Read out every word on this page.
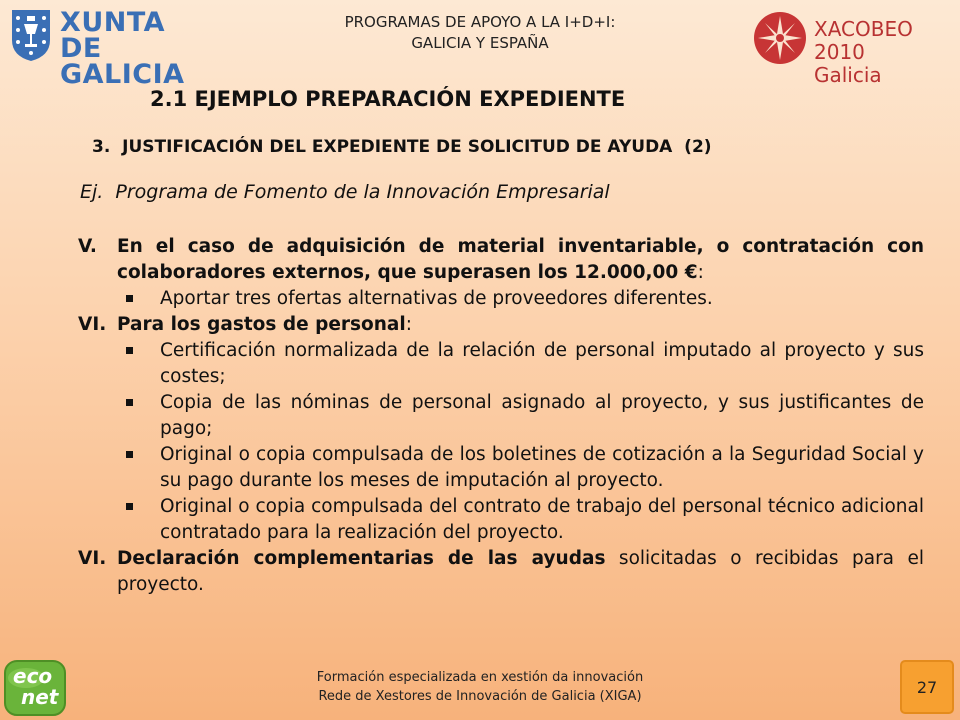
XUNTA
DE GALICIA
PROGRAMAS DE APOYO A LA I+D+I:
GALICIA Y ESPAÑA
XACOBEO 2010
Galicia
2.1 EJEMPLO PREPARACIÓN EXPEDIENTE
3.  JUSTIFICACIÓN DEL EXPEDIENTE DE SOLICITUD DE AYUDA  (2)
Ej.  Programa de Fomento de la Innovación Empresarial
V. En el caso de adquisición de material inventariable, o contratación con colaboradores externos, que superasen los 12.000,00 €:
Aportar tres ofertas alternativas de proveedores diferentes.
VI. Para los gastos de personal:
Certificación normalizada de la relación de personal imputado al proyecto y sus costes;
Copia de las nóminas de personal asignado al proyecto, y sus justificantes de pago;
Original o copia compulsada de los boletines de cotización a la Seguridad Social y su pago durante los meses de imputación al proyecto.
Original o copia compulsada del contrato de trabajo del personal técnico adicional contratado para la realización del proyecto.
VI. Declaración complementarias de las ayudas solicitadas o recibidas para el proyecto.
eco
net
Formación especializada en xestión da innovación
Rede de Xestores de Innovación de Galicia (XIGA)	27
